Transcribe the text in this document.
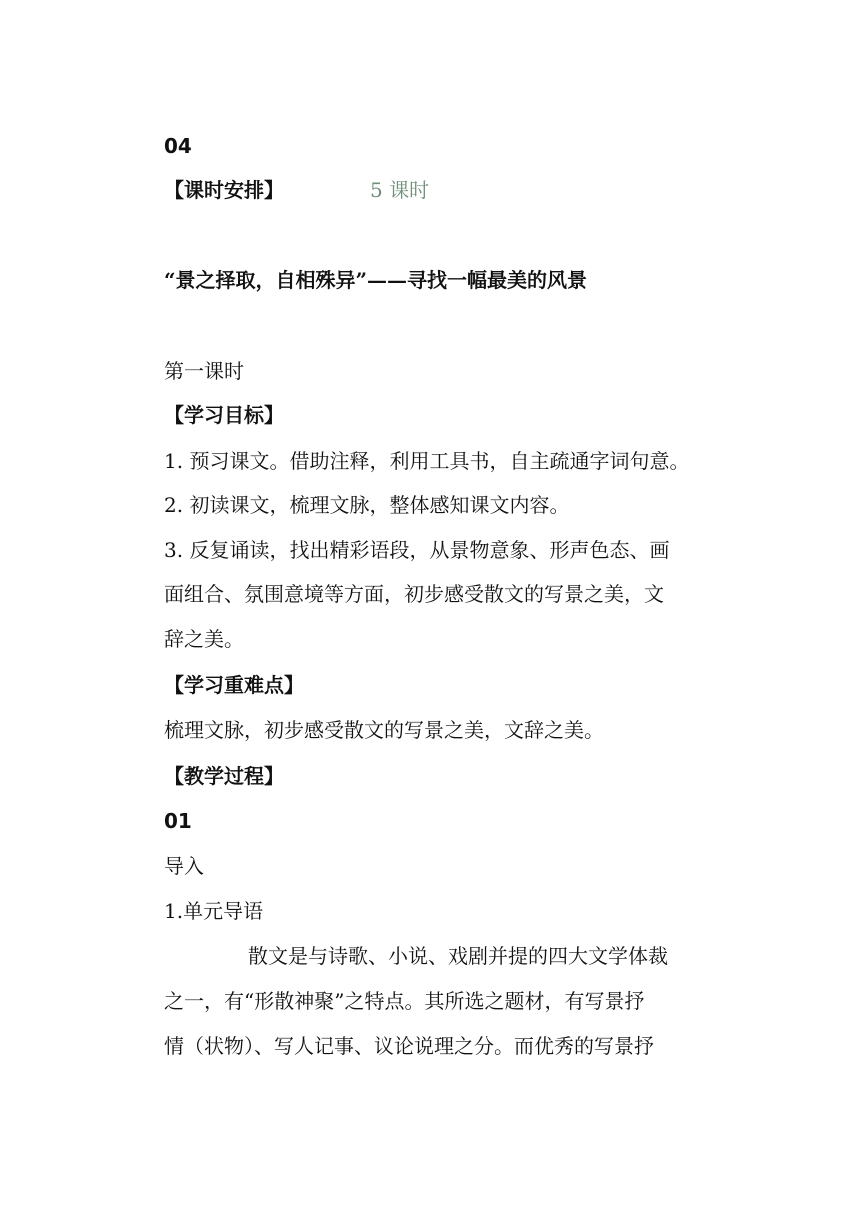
04
【课时安排】	5 课时
“景之择取，自相殊异”——寻找一幅最美的风景
第一课时
【学习目标】
1. 预习课文。借助注释，利用工具书，自主疏通字词句意。
2. 初读课文，梳理文脉，整体感知课文内容。
3. 反复诵读，找出精彩语段，从景物意象、形声色态、画
面组合、氛围意境等方面，初步感受散文的写景之美，文
辞之美。
【学习重难点】
梳理文脉，初步感受散文的写景之美，文辞之美。
【教学过程】
01
导入
1.单元导语
散文是与诗歌、小说、戏剧并提的四大文学体裁
之一，有“形散神聚”之特点。其所选之题材，有写景抒
情（状物）、写人记事、议论说理之分。而优秀的写景抒
